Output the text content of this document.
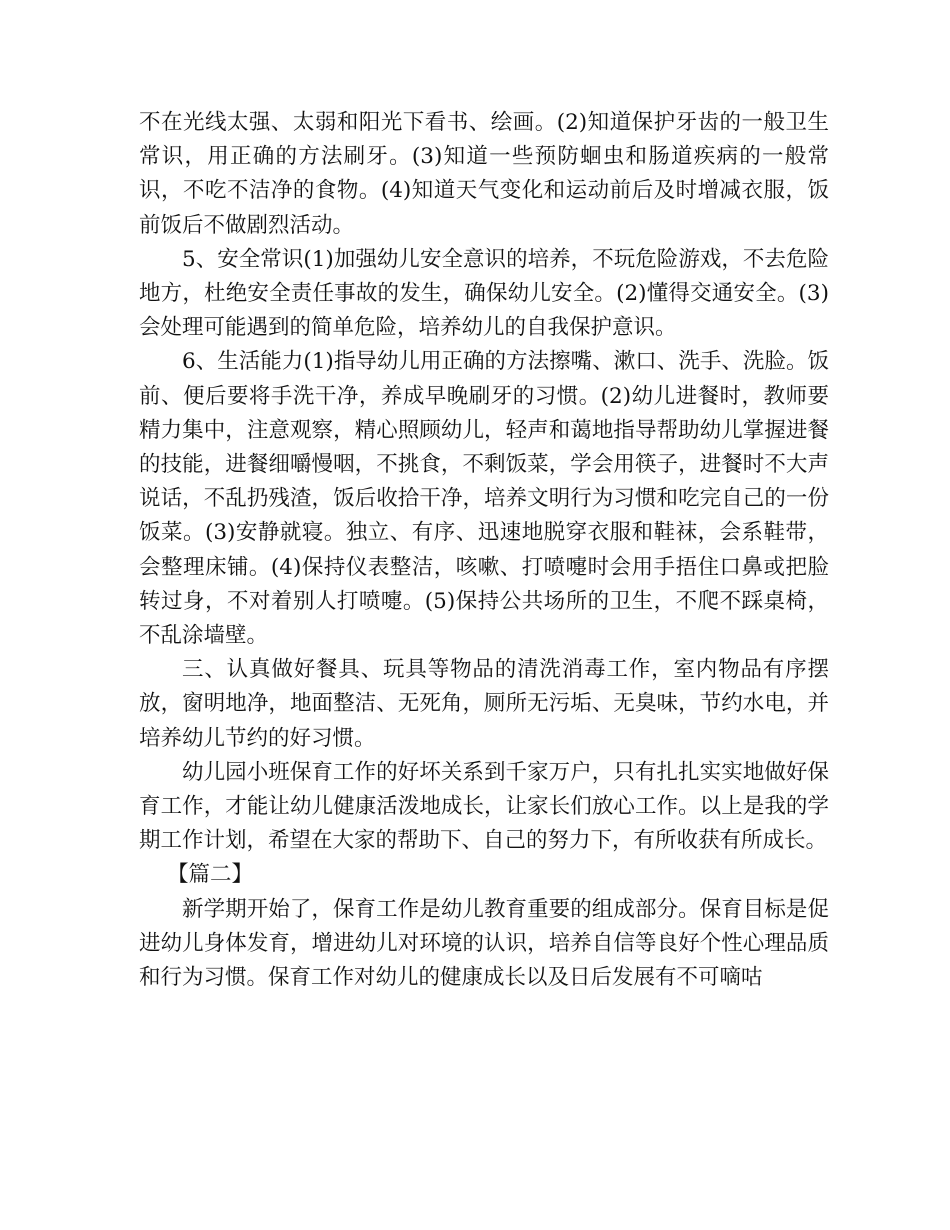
不在光线太强、太弱和阳光下看书、绘画。(2)知道保护牙齿的一般卫生常识，用正确的方法刷牙。(3)知道一些预防蛔虫和肠道疾病的一般常识，不吃不洁净的食物。(4)知道天气变化和运动前后及时增减衣服，饭前饭后不做剧烈活动。

5、安全常识(1)加强幼儿安全意识的培养，不玩危险游戏，不去危险地方，杜绝安全责任事故的发生，确保幼儿安全。(2)懂得交通安全。(3)会处理可能遇到的简单危险，培养幼儿的自我保护意识。

6、生活能力(1)指导幼儿用正确的方法擦嘴、漱口、洗手、洗脸。饭前、便后要将手洗干净，养成早晚刷牙的习惯。(2)幼儿进餐时，教师要精力集中，注意观察，精心照顾幼儿，轻声和蔼地指导帮助幼儿掌握进餐的技能，进餐细嚼慢咽，不挑食，不剩饭菜，学会用筷子，进餐时不大声说话，不乱扔残渣，饭后收拾干净，培养文明行为习惯和吃完自己的一份饭菜。(3)安静就寝。独立、有序、迅速地脱穿衣服和鞋袜，会系鞋带，会整理床铺。(4)保持仪表整洁，咳嗽、打喷嚏时会用手捂住口鼻或把脸转过身，不对着别人打喷嚏。(5)保持公共场所的卫生，不爬不踩桌椅，不乱涂墙壁。

三、认真做好餐具、玩具等物品的清洗消毒工作，室内物品有序摆放，窗明地净，地面整洁、无死角，厕所无污垢、无臭味，节约水电，并培养幼儿节约的好习惯。

幼儿园小班保育工作的好坏关系到千家万户，只有扎扎实实地做好保育工作，才能让幼儿健康活泼地成长，让家长们放心工作。以上是我的学期工作计划，希望在大家的帮助下、自己的努力下，有所收获有所成长。

【篇二】

新学期开始了，保育工作是幼儿教育重要的组成部分。保育目标是促进幼儿身体发育，增进幼儿对环境的认识，培养自信等良好个性心理品质和行为习惯。保育工作对幼儿的健康成长以及日后发展有不可嘀咕
